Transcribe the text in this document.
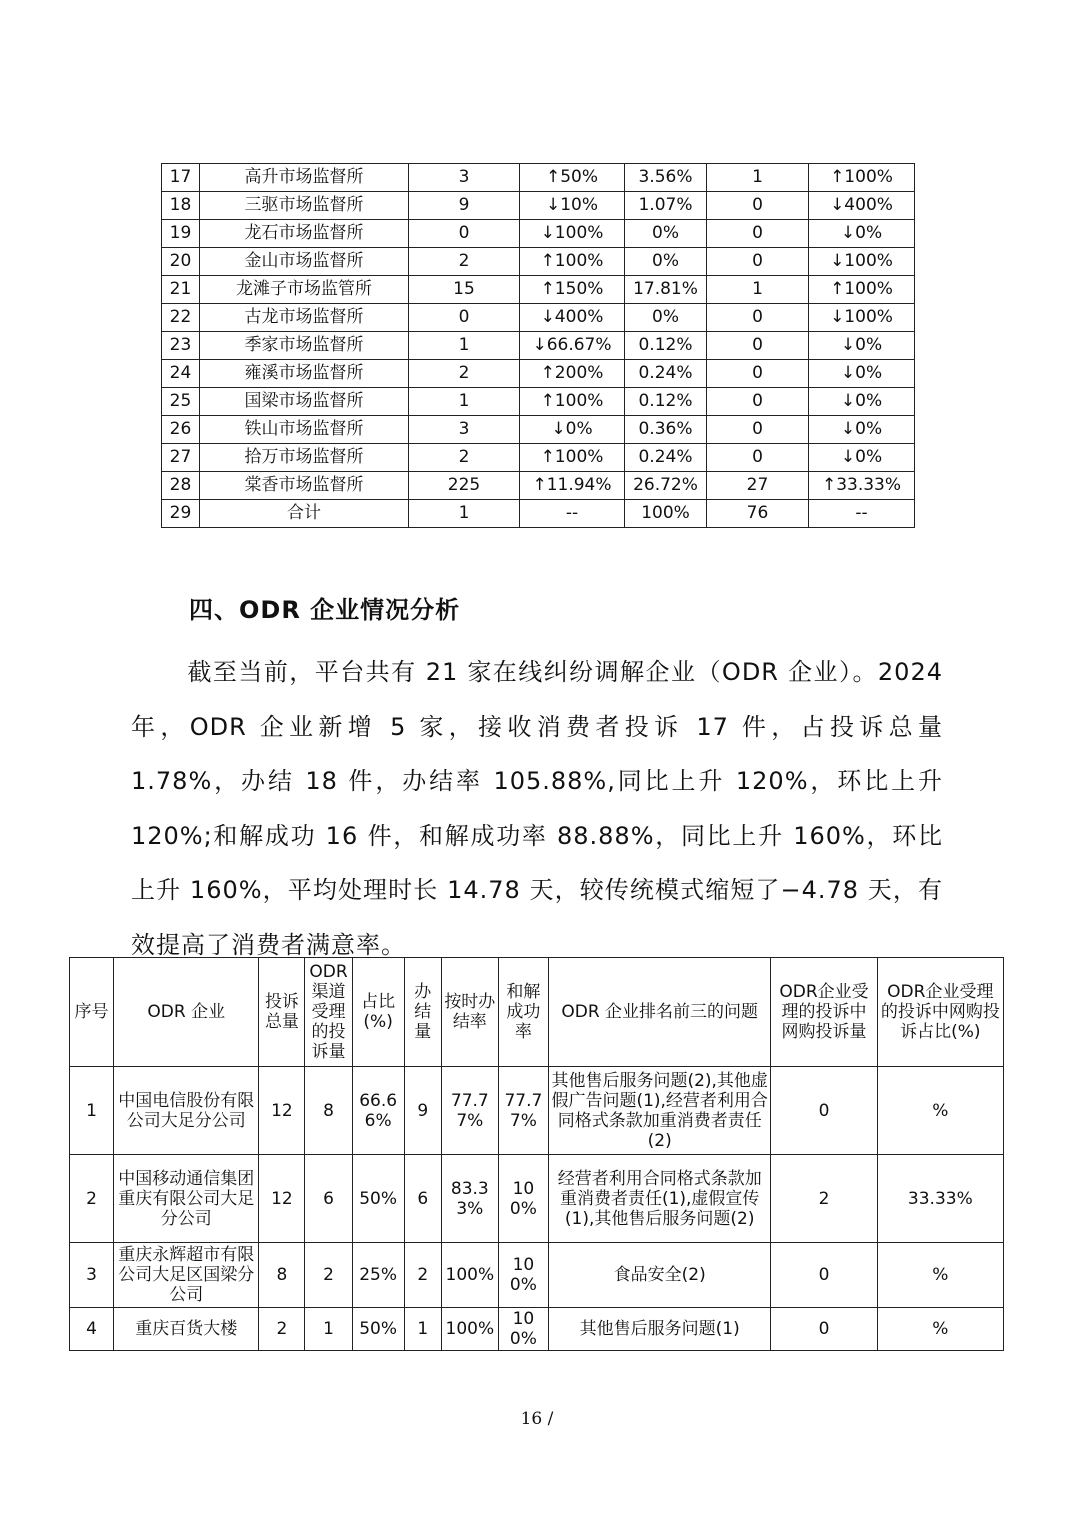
17	高升市场监督所	3	↑50%	3.56%	1	↑100%
18	三驱市场监督所	9	↓10%	1.07%	0	↓400%
19	龙石市场监督所	0	↓100%	0%	0	↓0%
20	金山市场监督所	2	↑100%	0%	0	↓100%
21	龙滩子市场监管所	15	↑150%	17.81%	1	↑100%
22	古龙市场监督所	0	↓400%	0%	0	↓100%
23	季家市场监督所	1	↓66.67%	0.12%	0	↓0%
24	雍溪市场监督所	2	↑200%	0.24%	0	↓0%
25	国梁市场监督所	1	↑100%	0.12%	0	↓0%
26	铁山市场监督所	3	↓0%	0.36%	0	↓0%
27	拾万市场监督所	2	↑100%	0.24%	0	↓0%
28	棠香市场监督所	225	↑11.94%	26.72%	27	↑33.33%
29	合计	1	--	100%	76	--
四、ODR 企业情况分析

截至当前，平台共有 21 家在线纠纷调解企业（ODR 企业）。2024 年，ODR 企业新增 5 家，接收消费者投诉 17 件，占投诉总量 1.78%，办结 18 件，办结率 105.88%,同比上升 120%，环比上升 120%;和解成功 16 件，和解成功率 88.88%，同比上升 160%，环比上升 160%，平均处理时长 14.78 天，较传统模式缩短了−4.78 天，有效提高了消费者满意率。

序号	ODR 企业	投诉总量	ODR渠道受理的投诉量	占比(%)	办结量	按时办结率	和解成功率	ODR 企业排名前三的问题	ODR企业受理的投诉中网购投诉量	ODR企业受理的投诉中网购投诉占比(%)
1	中国电信股份有限公司大足分公司	12	8	66.66%	9	77.77%	77.77%	其他售后服务问题(2),其他虚假广告问题(1),经营者利用合同格式条款加重消费者责任(2)	0	%
2	中国移动通信集团重庆有限公司大足分公司	12	6	50%	6	83.33%	100%	经营者利用合同格式条款加重消费者责任(1),虚假宣传(1),其他售后服务问题(2)	2	33.33%
3	重庆永辉超市有限公司大足区国梁分公司	8	2	25%	2	100%	100%	食品安全(2)	0	%
4	重庆百货大楼	2	1	50%	1	100%	100%	其他售后服务问题(1)	0	%
16 /
